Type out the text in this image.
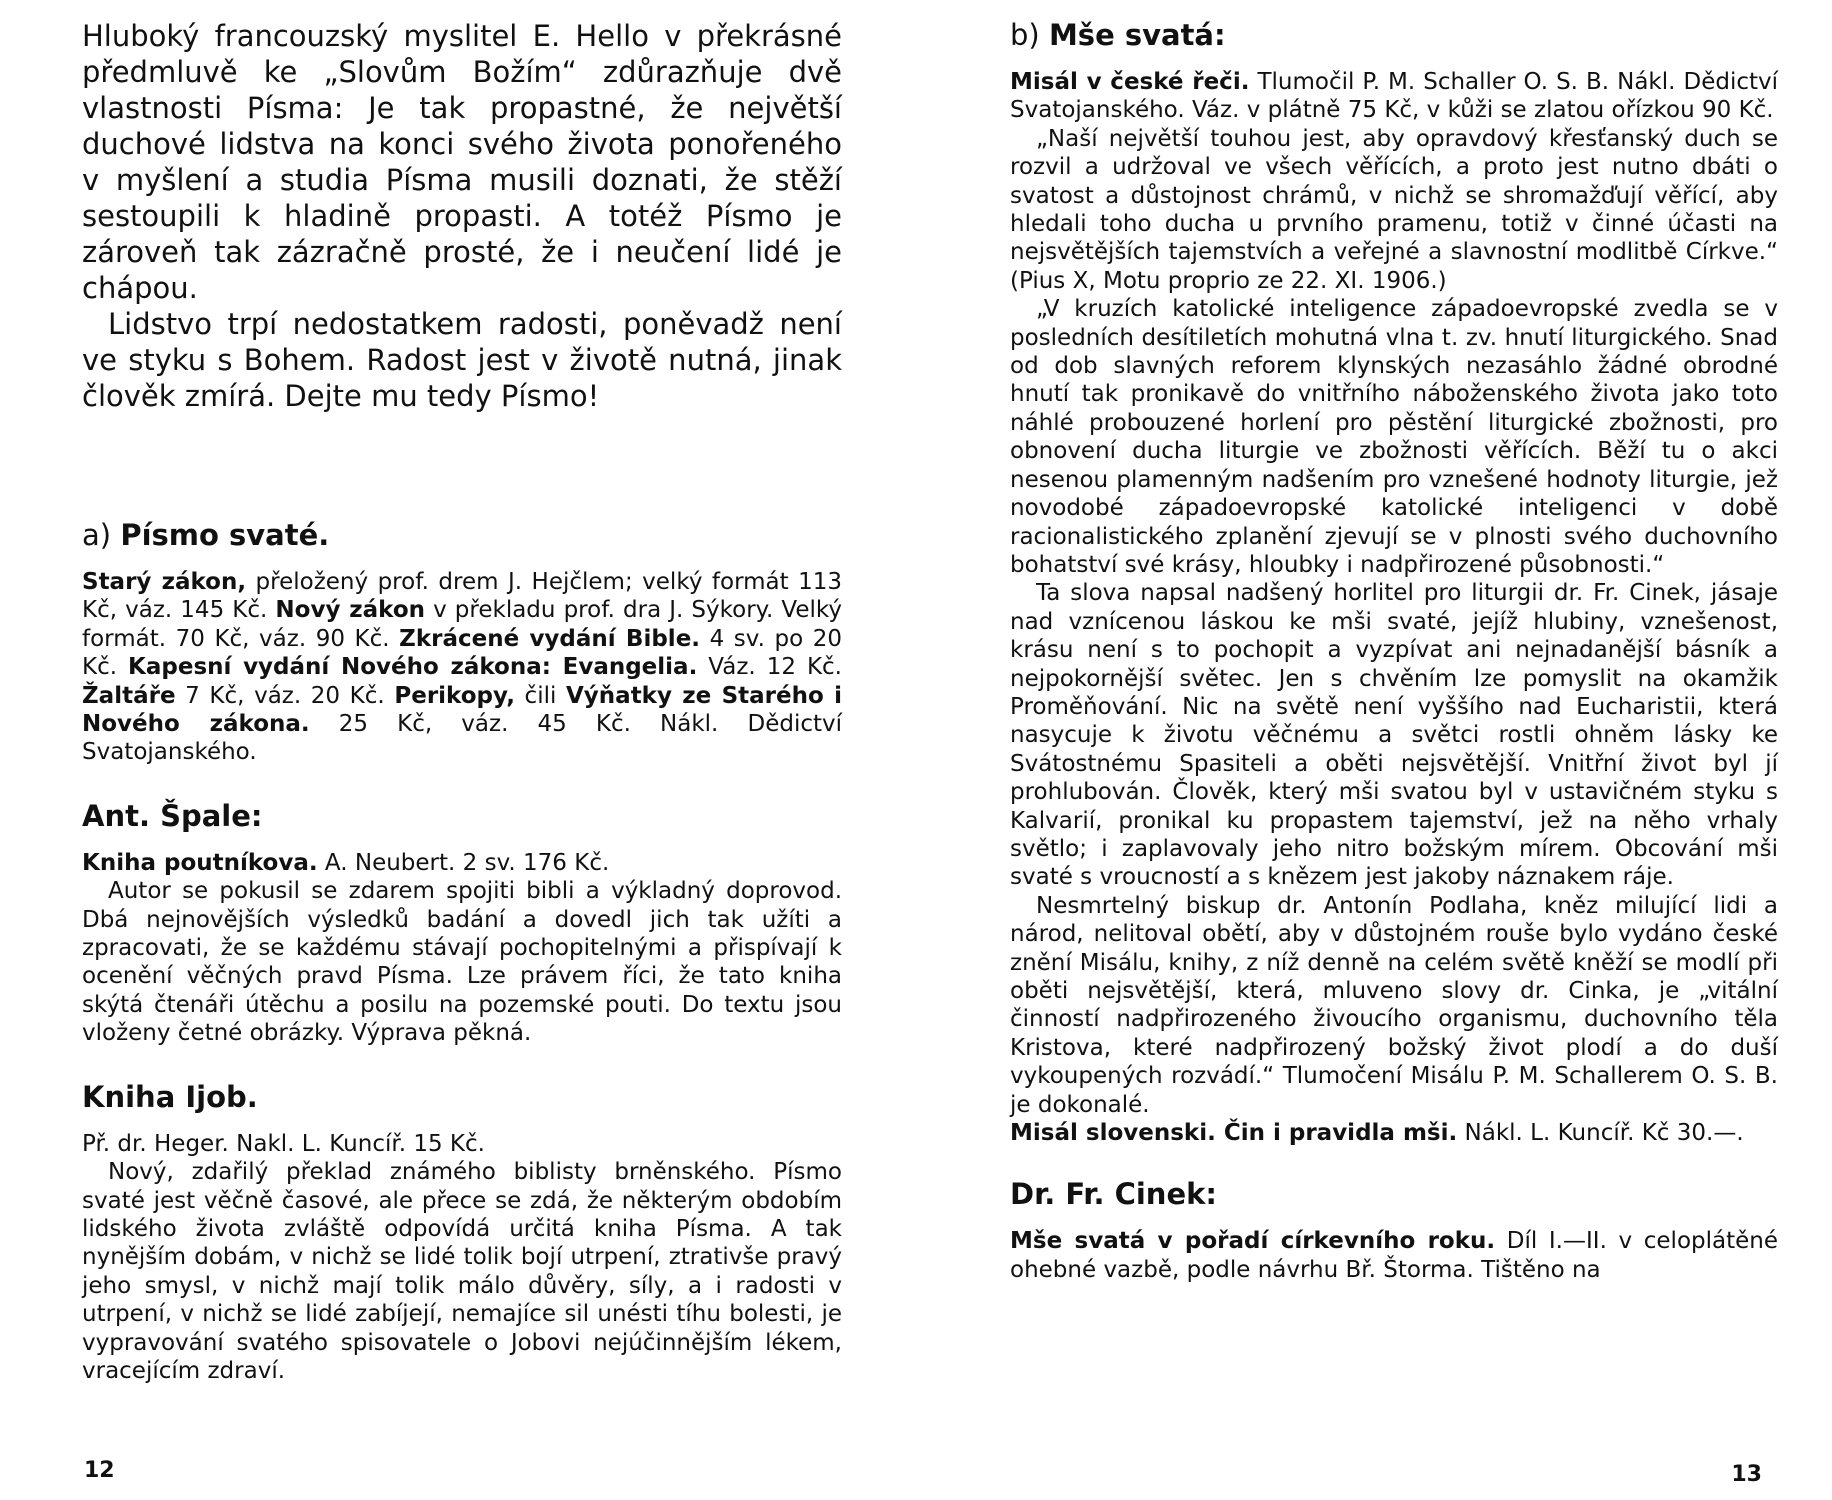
Hluboký francouzský myslitel E. Hello v překrásné předmluvě ke „Slovům Božím“ zdůrazňuje dvě vlastnosti Písma: Je tak propastné, že největší duchové lidstva na konci svého života ponořeného v myšlení a studia Písma musili doznati, že stěží sestoupili k hladině propasti. A totéž Písmo je zároveň tak zázračně prosté, že i neučení lidé je chápou.

Lidstvo trpí nedostatkem radosti, poněvadž není ve styku s Bohem. Radost jest v životě nutná, jinak člověk zmírá. Dejte mu tedy Písmo!

a) Písmo svaté.

Starý zákon, přeložený prof. drem J. Hejčlem; velký formát 113 Kč, váz. 145 Kč. Nový zákon v překladu prof. dra J. Sýkory. Velký formát. 70 Kč, váz. 90 Kč. Zkrácené vydání Bible. 4 sv. po 20 Kč. Kapesní vydání Nového zákona: Evangelia. Váz. 12 Kč. Žaltáře 7 Kč, váz. 20 Kč. Perikopy, čili Výňatky ze Starého i Nového zákona. 25 Kč, váz. 45 Kč. Nákl. Dědictví Svatojanského.

Ant. Špale:

Kniha poutníkova. A. Neubert. 2 sv. 176 Kč.

Autor se pokusil se zdarem spojiti bibli a výkladný doprovod. Dbá nejnovějších výsledků badání a dovedl jich tak užíti a zpracovati, že se každému stávají pochopitelnými a přispívají k ocenění věčných pravd Písma. Lze právem říci, že tato kniha skýtá čtenáři útěchu a posilu na pozemské pouti. Do textu jsou vloženy četné obrázky. Výprava pěkná.

Kniha Ijob.

Př. dr. Heger. Nakl. L. Kuncíř. 15 Kč.

Nový, zdařilý překlad známého biblisty brněnského. Písmo svaté jest věčně časové, ale přece se zdá, že některým obdobím lidského života zvláště odpovídá určitá kniha Písma. A tak nynějším dobám, v nichž se lidé tolik bojí utrpení, ztrativše pravý jeho smysl, v nichž mají tolik málo důvěry, síly, a i radosti v utrpení, v nichž se lidé zabíjejí, nemajíce sil unésti tíhu bolesti, je vypravování svatého spisovatele o Jobovi nejúčinnějším lékem, vracejícím zdraví.

12
b) Mše svatá:

Misál v české řeči. Tlumočil P. M. Schaller O. S. B. Nákl. Dědictví Svatojanského. Váz. v plátně 75 Kč, v kůži se zlatou ořízkou 90 Kč.

„Naší největší touhou jest, aby opravdový křesťanský duch se rozvil a udržoval ve všech věřících, a proto jest nutno dbáti o svatost a důstojnost chrámů, v nichž se shromažďují věřící, aby hledali toho ducha u prvního pramenu, totiž v činné účasti na nejsvětějších tajemstvích a veřejné a slavnostní modlitbě Církve.“ (Pius X, Motu proprio ze 22. XI. 1906.)

„V kruzích katolické inteligence západoevropské zvedla se v posledních desítiletích mohutná vlna t. zv. hnutí liturgického. Snad od dob slavných reforem klynských nezasáhlo žádné obrodné hnutí tak pronikavě do vnitřního náboženského života jako toto náhlé probouzené horlení pro pěstění liturgické zbožnosti, pro obnovení ducha liturgie ve zbožnosti věřících. Běží tu o akci nesenou plamenným nadšením pro vznešené hodnoty liturgie, jež novodobé západoevropské katolické inteligenci v době racionalistického zplanění zjevují se v plnosti svého duchovního bohatství své krásy, hloubky i nadpřirozené působnosti.“

Ta slova napsal nadšený horlitel pro liturgii dr. Fr. Cinek, jásaje nad vznícenou láskou ke mši svaté, jejíž hlubiny, vznešenost, krásu není s to pochopit a vyzpívat ani nejnadanější básník a nejpokornější světec. Jen s chvěním lze pomyslit na okamžik Proměňování. Nic na světě není vyššího nad Eucharistii, která nasycuje k životu věčnému a světci rostli ohněm lásky ke Svátostnému Spasiteli a oběti nejsvětější. Vnitřní život byl jí prohlubován. Člověk, který mši svatou byl v ustavičném styku s Kalvarií, pronikal ku propastem tajemství, jež na něho vrhaly světlo; i zaplavovaly jeho nitro božským mírem. Obcování mši svaté s vroucností a s knězem jest jakoby náznakem ráje.

Nesmrtelný biskup dr. Antonín Podlaha, kněz milující lidi a národ, nelitoval obětí, aby v důstojném rouše bylo vydáno české znění Misálu, knihy, z níž denně na celém světě kněží se modlí při oběti nejsvětější, která, mluveno slovy dr. Cinka, je „vitální činností nadpřirozeného živoucího organismu, duchovního těla Kristova, které nadpřirozený božský život plodí a do duší vykoupených rozvádí.“ Tlumočení Misálu P. M. Schallerem O. S. B. je dokonalé.

Misál slovenski. Čin i pravidla mši. Nákl. L. Kuncíř. Kč 30.—.

Dr. Fr. Cinek:

Mše svatá v pořadí církevního roku. Díl I.—II. v celoplátěné ohebné vazbě, podle návrhu Bř. Štorma. Tištěno na

13
